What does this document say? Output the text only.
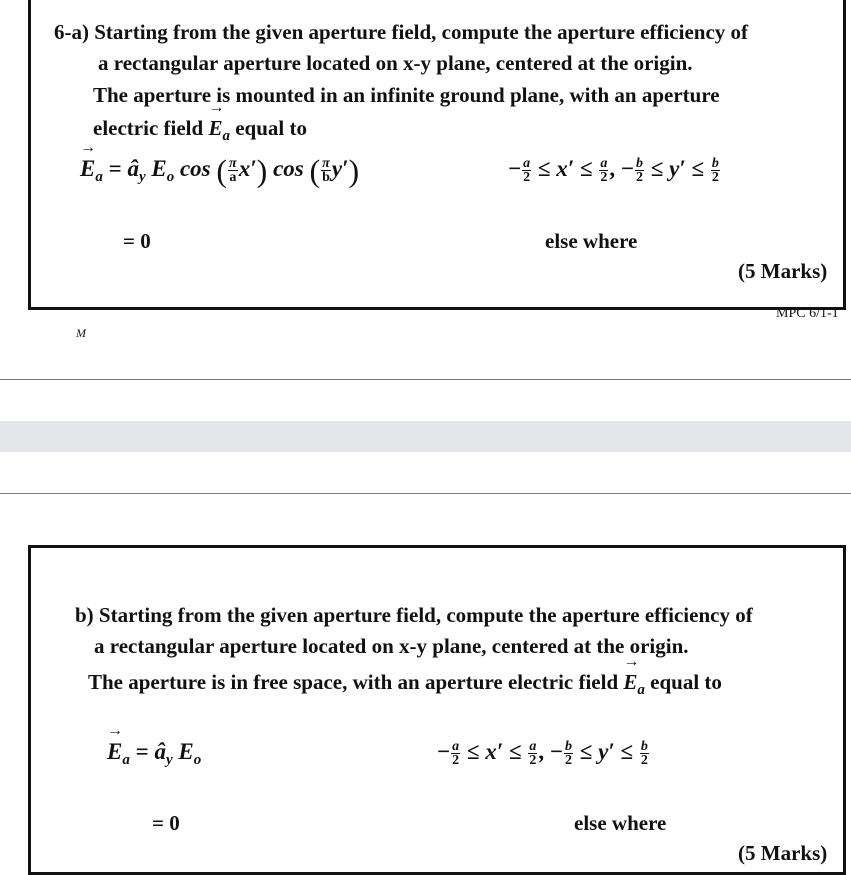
6-a) Starting from the given aperture field, compute the aperture efficiency of
a rectangular aperture located on x-y plane, centered at the origin.
The aperture is mounted in an infinite ground plane, with an aperture
electric field → $E_a$ equal to
→ $E_a$ = $â_y$ $E_o$ cos ( $\frac{\pi}{a} x'$) cos ( $\frac{\pi}{b} y'$)	− $\frac{a}{2} \le x' \le \frac{a}{2}$ , − $\frac{b}{2} \le y' \le \frac{b}{2}$
= 0	else where
(5 Marks)
MPC 6/1-1
M
b) Starting from the given aperture field, compute the aperture efficiency of
a rectangular aperture located on x-y plane, centered at the origin.
The aperture is in free space, with an aperture electric field → $E_a$ equal to
→ $E_a$ = $â_y$ $E_o$	− $\frac{a}{2} \le x' \le \frac{a}{2}$ , − $\frac{b}{2} \le y' \le \frac{b}{2}$
= 0	else where
(5 Marks)
